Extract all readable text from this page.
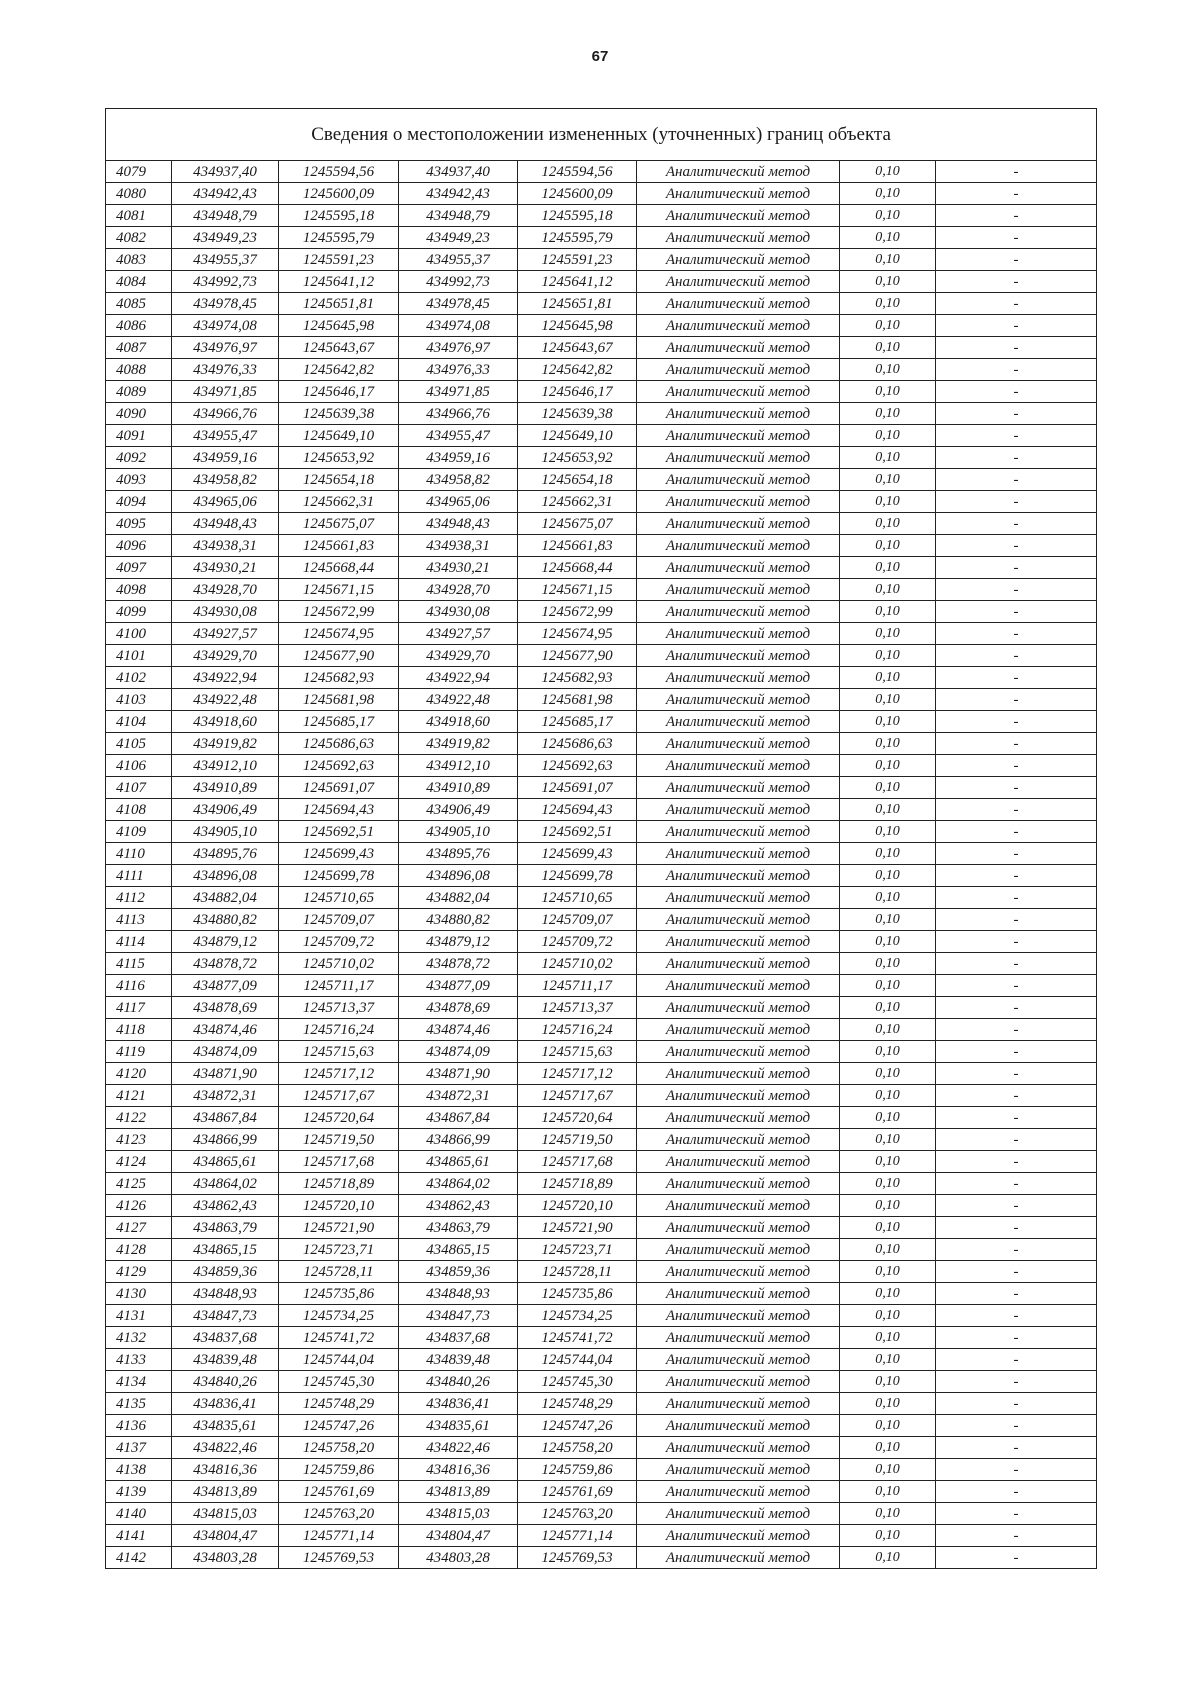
67
Сведения о местоположении измененных (уточненных) границ объекта							
4079	434937,40	1245594,56	434937,40	1245594,56	Аналитический метод	0,10	-
4080	434942,43	1245600,09	434942,43	1245600,09	Аналитический метод	0,10	-
4081	434948,79	1245595,18	434948,79	1245595,18	Аналитический метод	0,10	-
4082	434949,23	1245595,79	434949,23	1245595,79	Аналитический метод	0,10	-
4083	434955,37	1245591,23	434955,37	1245591,23	Аналитический метод	0,10	-
4084	434992,73	1245641,12	434992,73	1245641,12	Аналитический метод	0,10	-
4085	434978,45	1245651,81	434978,45	1245651,81	Аналитический метод	0,10	-
4086	434974,08	1245645,98	434974,08	1245645,98	Аналитический метод	0,10	-
4087	434976,97	1245643,67	434976,97	1245643,67	Аналитический метод	0,10	-
4088	434976,33	1245642,82	434976,33	1245642,82	Аналитический метод	0,10	-
4089	434971,85	1245646,17	434971,85	1245646,17	Аналитический метод	0,10	-
4090	434966,76	1245639,38	434966,76	1245639,38	Аналитический метод	0,10	-
4091	434955,47	1245649,10	434955,47	1245649,10	Аналитический метод	0,10	-
4092	434959,16	1245653,92	434959,16	1245653,92	Аналитический метод	0,10	-
4093	434958,82	1245654,18	434958,82	1245654,18	Аналитический метод	0,10	-
4094	434965,06	1245662,31	434965,06	1245662,31	Аналитический метод	0,10	-
4095	434948,43	1245675,07	434948,43	1245675,07	Аналитический метод	0,10	-
4096	434938,31	1245661,83	434938,31	1245661,83	Аналитический метод	0,10	-
4097	434930,21	1245668,44	434930,21	1245668,44	Аналитический метод	0,10	-
4098	434928,70	1245671,15	434928,70	1245671,15	Аналитический метод	0,10	-
4099	434930,08	1245672,99	434930,08	1245672,99	Аналитический метод	0,10	-
4100	434927,57	1245674,95	434927,57	1245674,95	Аналитический метод	0,10	-
4101	434929,70	1245677,90	434929,70	1245677,90	Аналитический метод	0,10	-
4102	434922,94	1245682,93	434922,94	1245682,93	Аналитический метод	0,10	-
4103	434922,48	1245681,98	434922,48	1245681,98	Аналитический метод	0,10	-
4104	434918,60	1245685,17	434918,60	1245685,17	Аналитический метод	0,10	-
4105	434919,82	1245686,63	434919,82	1245686,63	Аналитический метод	0,10	-
4106	434912,10	1245692,63	434912,10	1245692,63	Аналитический метод	0,10	-
4107	434910,89	1245691,07	434910,89	1245691,07	Аналитический метод	0,10	-
4108	434906,49	1245694,43	434906,49	1245694,43	Аналитический метод	0,10	-
4109	434905,10	1245692,51	434905,10	1245692,51	Аналитический метод	0,10	-
4110	434895,76	1245699,43	434895,76	1245699,43	Аналитический метод	0,10	-
4111	434896,08	1245699,78	434896,08	1245699,78	Аналитический метод	0,10	-
4112	434882,04	1245710,65	434882,04	1245710,65	Аналитический метод	0,10	-
4113	434880,82	1245709,07	434880,82	1245709,07	Аналитический метод	0,10	-
4114	434879,12	1245709,72	434879,12	1245709,72	Аналитический метод	0,10	-
4115	434878,72	1245710,02	434878,72	1245710,02	Аналитический метод	0,10	-
4116	434877,09	1245711,17	434877,09	1245711,17	Аналитический метод	0,10	-
4117	434878,69	1245713,37	434878,69	1245713,37	Аналитический метод	0,10	-
4118	434874,46	1245716,24	434874,46	1245716,24	Аналитический метод	0,10	-
4119	434874,09	1245715,63	434874,09	1245715,63	Аналитический метод	0,10	-
4120	434871,90	1245717,12	434871,90	1245717,12	Аналитический метод	0,10	-
4121	434872,31	1245717,67	434872,31	1245717,67	Аналитический метод	0,10	-
4122	434867,84	1245720,64	434867,84	1245720,64	Аналитический метод	0,10	-
4123	434866,99	1245719,50	434866,99	1245719,50	Аналитический метод	0,10	-
4124	434865,61	1245717,68	434865,61	1245717,68	Аналитический метод	0,10	-
4125	434864,02	1245718,89	434864,02	1245718,89	Аналитический метод	0,10	-
4126	434862,43	1245720,10	434862,43	1245720,10	Аналитический метод	0,10	-
4127	434863,79	1245721,90	434863,79	1245721,90	Аналитический метод	0,10	-
4128	434865,15	1245723,71	434865,15	1245723,71	Аналитический метод	0,10	-
4129	434859,36	1245728,11	434859,36	1245728,11	Аналитический метод	0,10	-
4130	434848,93	1245735,86	434848,93	1245735,86	Аналитический метод	0,10	-
4131	434847,73	1245734,25	434847,73	1245734,25	Аналитический метод	0,10	-
4132	434837,68	1245741,72	434837,68	1245741,72	Аналитический метод	0,10	-
4133	434839,48	1245744,04	434839,48	1245744,04	Аналитический метод	0,10	-
4134	434840,26	1245745,30	434840,26	1245745,30	Аналитический метод	0,10	-
4135	434836,41	1245748,29	434836,41	1245748,29	Аналитический метод	0,10	-
4136	434835,61	1245747,26	434835,61	1245747,26	Аналитический метод	0,10	-
4137	434822,46	1245758,20	434822,46	1245758,20	Аналитический метод	0,10	-
4138	434816,36	1245759,86	434816,36	1245759,86	Аналитический метод	0,10	-
4139	434813,89	1245761,69	434813,89	1245761,69	Аналитический метод	0,10	-
4140	434815,03	1245763,20	434815,03	1245763,20	Аналитический метод	0,10	-
4141	434804,47	1245771,14	434804,47	1245771,14	Аналитический метод	0,10	-
4142	434803,28	1245769,53	434803,28	1245769,53	Аналитический метод	0,10	-
